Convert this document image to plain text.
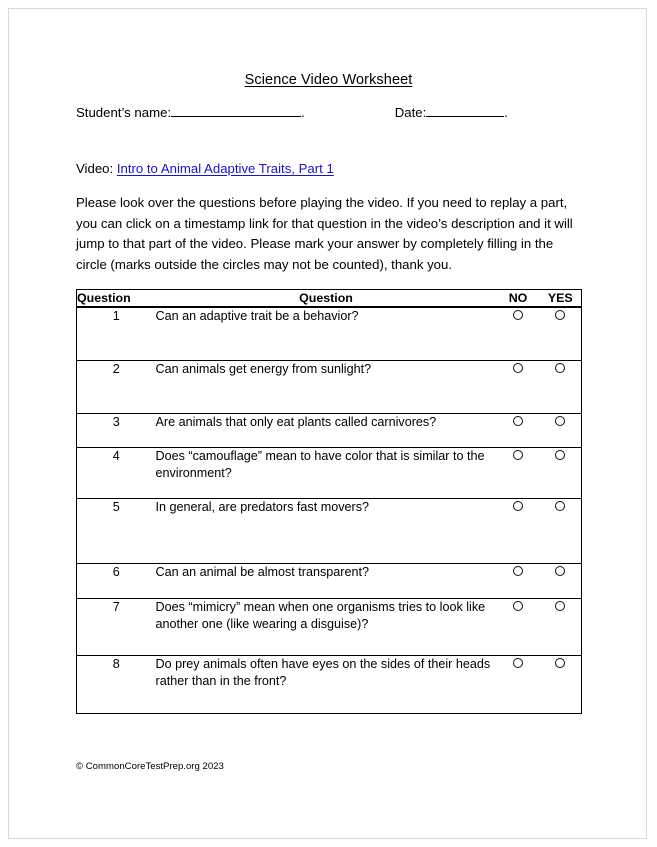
Science Video Worksheet
Student’s name:	.	Date:	.
Video: Intro to Animal Adaptive Traits, Part 1
Please look over the questions before playing the video. If you need to replay a part, you can click on a timestamp link for that question in the video’s description and it will jump to that part of the video. Please mark your answer by completely filling in the circle (marks outside the circles may not be counted), thank you.
Question	Question	NO	YES
1	Can an adaptive trait be a behavior?		
2	Can animals get energy from sunlight?		
3	Are animals that only eat plants called carnivores?		
4	Does “camouflage” mean to have color that is similar to the environment?		
5	In general, are predators fast movers?		
6	Can an animal be almost transparent?		
7	Does “mimicry” mean when one organisms tries to look like another one (like wearing a disguise)?		
8	Do prey animals often have eyes on the sides of their heads rather than in the front?		
© CommonCoreTestPrep.org 2023
